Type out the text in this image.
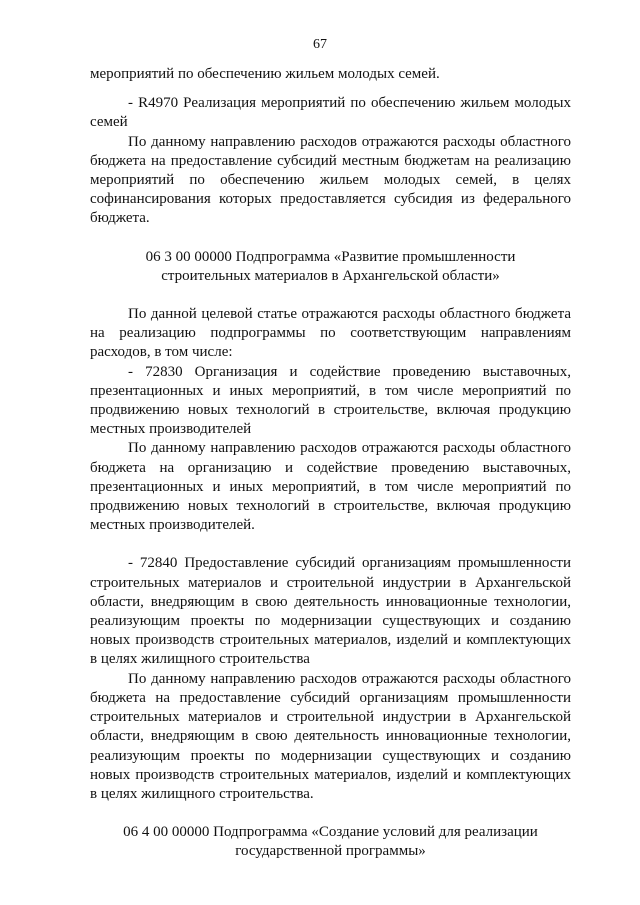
67

мероприятий по обеспечению жильем молодых семей.

- R4970 Реализация мероприятий по обеспечению жильем молодых семей

По данному направлению расходов отражаются расходы областного бюджета на предоставление субсидий местным бюджетам на реализацию мероприятий по обеспечению жильем молодых семей, в целях софинансирования которых предоставляется субсидия из федерального бюджета.

06 3 00 00000 Подпрограмма «Развитие промышленности
строительных материалов в Архангельской области»

По данной целевой статье отражаются расходы областного бюджета на реализацию подпрограммы по соответствующим направлениям расходов, в том числе:

- 72830 Организация и содействие проведению выставочных, презентационных и иных мероприятий, в том числе мероприятий по продвижению новых технологий в строительстве, включая продукцию местных производителей

По данному направлению расходов отражаются расходы областного бюджета на организацию и содействие проведению выставочных, презентационных и иных мероприятий, в том числе мероприятий по продвижению новых технологий в строительстве, включая продукцию местных производителей.

- 72840 Предоставление субсидий организациям промышленности строительных материалов и строительной индустрии в Архангельской области, внедряющим в свою деятельность инновационные технологии, реализующим проекты по модернизации существующих и созданию новых производств строительных материалов, изделий и комплектующих в целях жилищного строительства

По данному направлению расходов отражаются расходы областного бюджета на предоставление субсидий организациям промышленности строительных материалов и строительной индустрии в Архангельской области, внедряющим в свою деятельность инновационные технологии, реализующим проекты по модернизации существующих и созданию новых производств строительных материалов, изделий и комплектующих в целях жилищного строительства.

06 4 00 00000 Подпрограмма «Создание условий для реализации
государственной программы»
